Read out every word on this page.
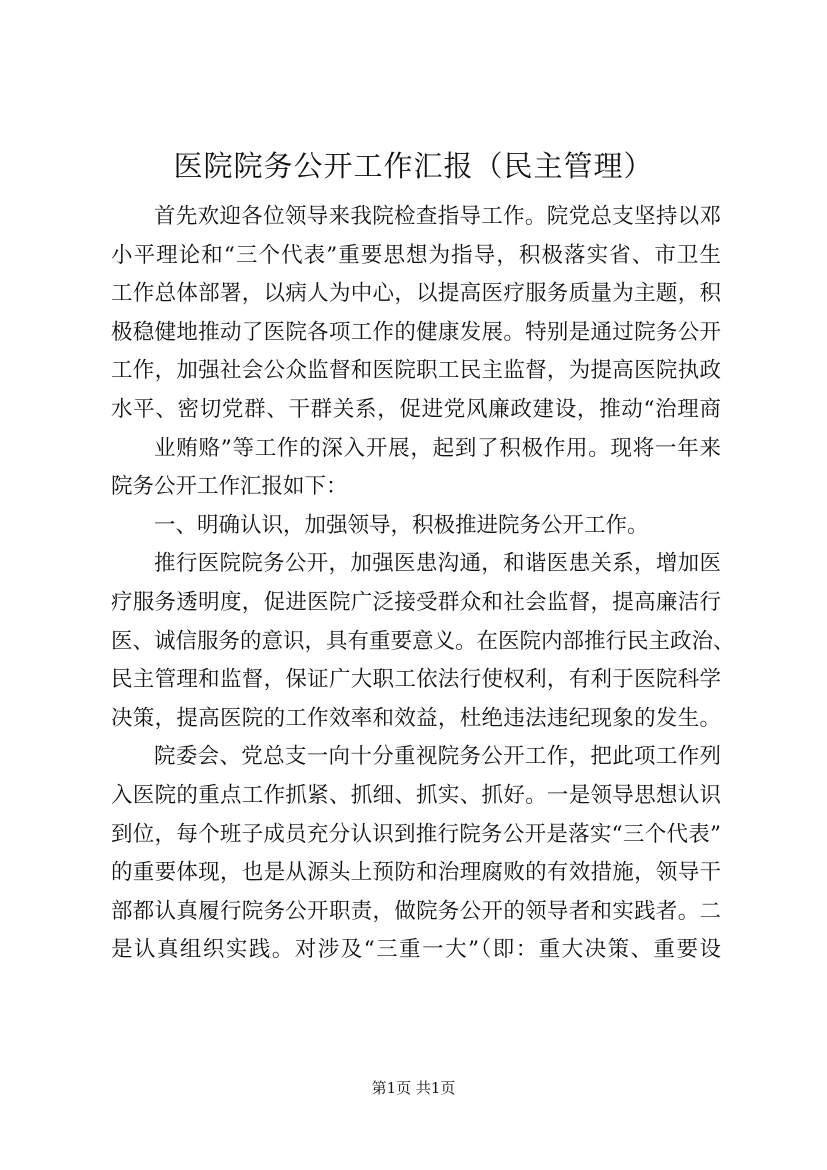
医院院务公开工作汇报（民主管理）
首先欢迎各位领导来我院检查指导工作。院党总支坚持以邓
小平理论和“三个代表”重要思想为指导，积极落实省、市卫生
工作总体部署，以病人为中心，以提高医疗服务质量为主题，积
极稳健地推动了医院各项工作的健康发展。特别是通过院务公开
工作，加强社会公众监督和医院职工民主监督，为提高医院执政
水平、密切党群、干群关系，促进党风廉政建设，推动“治理商
业贿赂”等工作的深入开展，起到了积极作用。现将一年来
院务公开工作汇报如下：
一、明确认识，加强领导，积极推进院务公开工作。
推行医院院务公开，加强医患沟通，和谐医患关系，增加医
疗服务透明度，促进医院广泛接受群众和社会监督，提高廉洁行
医、诚信服务的意识，具有重要意义。在医院内部推行民主政治、
民主管理和监督，保证广大职工依法行使权利，有利于医院科学
决策，提高医院的工作效率和效益，杜绝违法违纪现象的发生。
院委会、党总支一向十分重视院务公开工作，把此项工作列
入医院的重点工作抓紧、抓细、抓实、抓好。一是领导思想认识
到位，每个班子成员充分认识到推行院务公开是落实“三个代表”
的重要体现，也是从源头上预防和治理腐败的有效措施，领导干
部都认真履行院务公开职责，做院务公开的领导者和实践者。二
是认真组织实践。对涉及“三重一大”（即：重大决策、重要设
第1页 共1页
